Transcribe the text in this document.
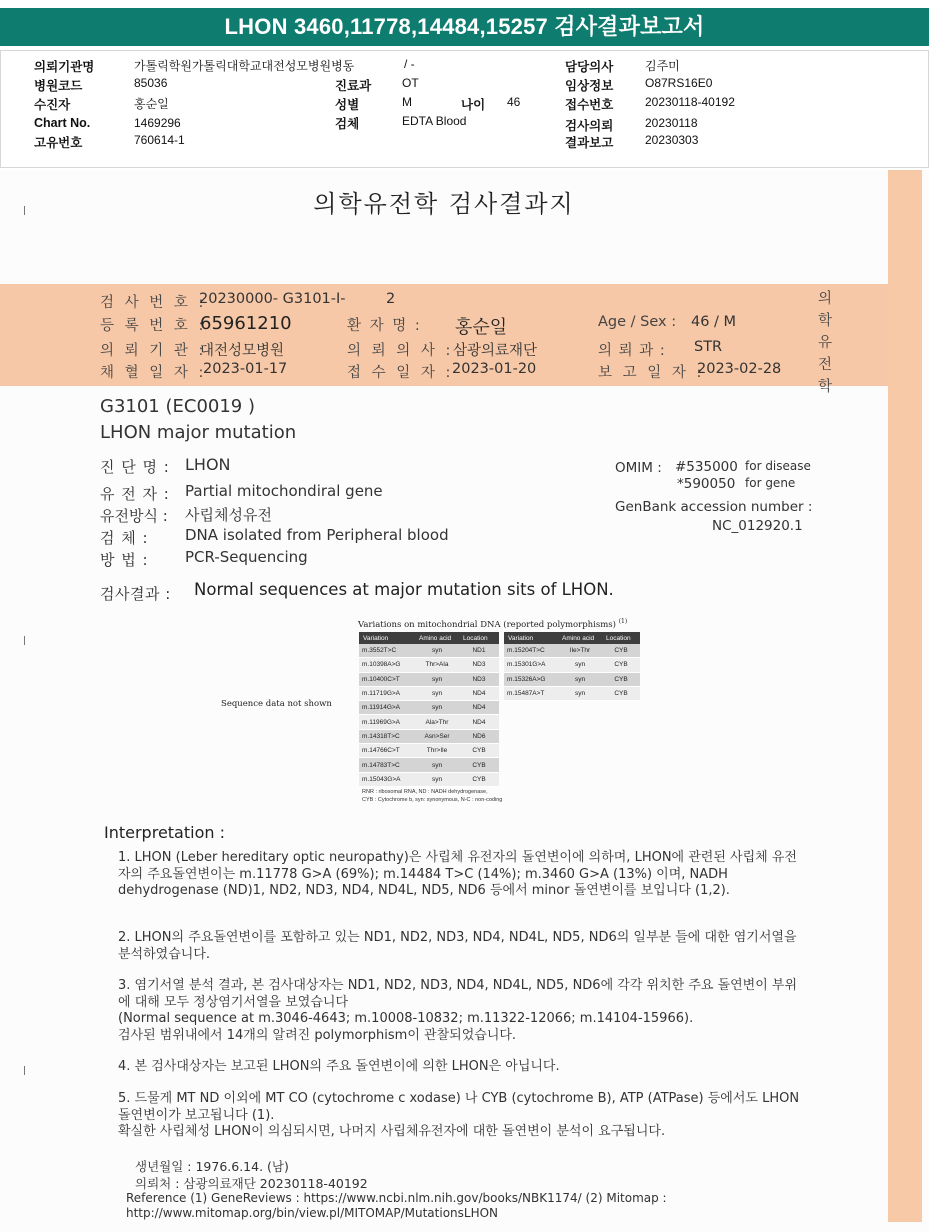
LHON 3460,11778,14484,15257 검사결과보고서
의뢰기관명	가톨릭학원가톨릭대학교대전성모병원병동	/ -
병원코드	85036
수진자	홍순일
Chart No.	1469296
고유번호	760614-1
진료과	OT
성별	M	나이 46
검체	EDTA Blood
담당의사	김주미
임상정보	O87RS16E0
접수번호	20230118-40192
검사의뢰	20230118
결과보고	20230303
의학유전학 검사결과지
검 사 번 호 :
20230000- G3101-I-	2
등 록 번 호 :
65961210	환 자 명 : 홍순일	Age / Sex : 46 / M
의 뢰 기 관 :
대전성모병원	의 뢰 의 사 : 삼광의료재단	의 뢰 과 : STR
채 혈 일 자 :
2023-01-17	접 수 일 자 :
2023-01-20	보 고 일 자 :
2023-02-28
의학유전학
G3101 (EC0019 )
LHON major mutation
진 단 명 : LHON
유 전 자 : Partial mitochondiral gene
유전방식 : 사립체성유전
검 체 : DNA isolated from Peripheral blood
방 법 : PCR-Sequencing
OMIM : #535000 for disease
*590050 for gene
GenBank accession number :
NC_012920.1
검사결과 : Normal sequences at major mutation sits of LHON.
Variations on mitochondrial DNA (reported polymorphisms) $^{(1)}$
Variation	Amino acid	Location
m.3552T>C	syn	ND1
m.10398A>G	Thr>Ala	ND3
m.10400C>T	syn	ND3
m.11719G>A	syn	ND4
m.11914G>A	syn	ND4
m.11969G>A	Ala>Thr	ND4
m.14318T>C	Asn>Ser	ND6
m.14766C>T	Thr>Ile	CYB
m.14783T>C	syn	CYB
m.15043G>A	syn	CYB
Variation	Amino acid	Location
m.15204T>C	Ile>Thr	CYB
m.15301G>A	syn	CYB
m.15326A>G	syn	CYB
m.15487A>T	syn	CYB
RNR : ribosomal RNA, ND : NADH dehydrogenase,
CYB : Cytochrome b, syn: synonymous, N-C : non-coding
Sequence data not shown
Interpretation :

1. LHON (Leber hereditary optic neuropathy)은 사립체 유전자의 돌연변이에 의하며, LHON에 관련된 사립체 유전자의 주요돌연변이는 m.11778 G>A (69%); m.14484 T>C (14%); m.3460 G>A (13%) 이며, NADH dehydrogenase (ND)1, ND2, ND3, ND4, ND4L, ND5, ND6 등에서 minor 돌연변이를 보입니다 (1,2).

2. LHON의 주요돌연변이를 포함하고 있는 ND1, ND2, ND3, ND4, ND4L, ND5, ND6의 일부분 들에 대한 염기서열을 분석하였습니다.

3. 염기서열 분석 결과, 본 검사대상자는 ND1, ND2, ND3, ND4, ND4L, ND5, ND6에 각각 위치한 주요 돌연변이 부위에 대해 모두 정상염기서열을 보였습니다

(Normal sequence at m.3046-4643; m.10008-10832; m.11322-12066; m.14104-15966).

검사된 범위내에서 14개의 알려진 polymorphism이 관찰되었습니다.

4. 본 검사대상자는 보고된 LHON의 주요 돌연변이에 의한 LHON은 아닙니다.

5. 드물게 MT ND 이외에 MT CO (cytochrome c xodase) 나 CYB (cytochrome B), ATP (ATPase) 등에서도 LHON 돌연변이가 보고됩니다 (1).

확실한 사립체성 LHON이 의심되시면, 나머지 사립체유전자에 대한 돌연변이 분석이 요구됩니다.

생년월일 : 1976.6.14. (남)
의뢰처 : 삼광의료재단 20230118-40192
Reference (1) GeneReviews : https://www.ncbi.nlm.nih.gov/books/NBK1174/ (2) Mitomap :
http://www.mitomap.org/bin/view.pl/MITOMAP/MutationsLHON
